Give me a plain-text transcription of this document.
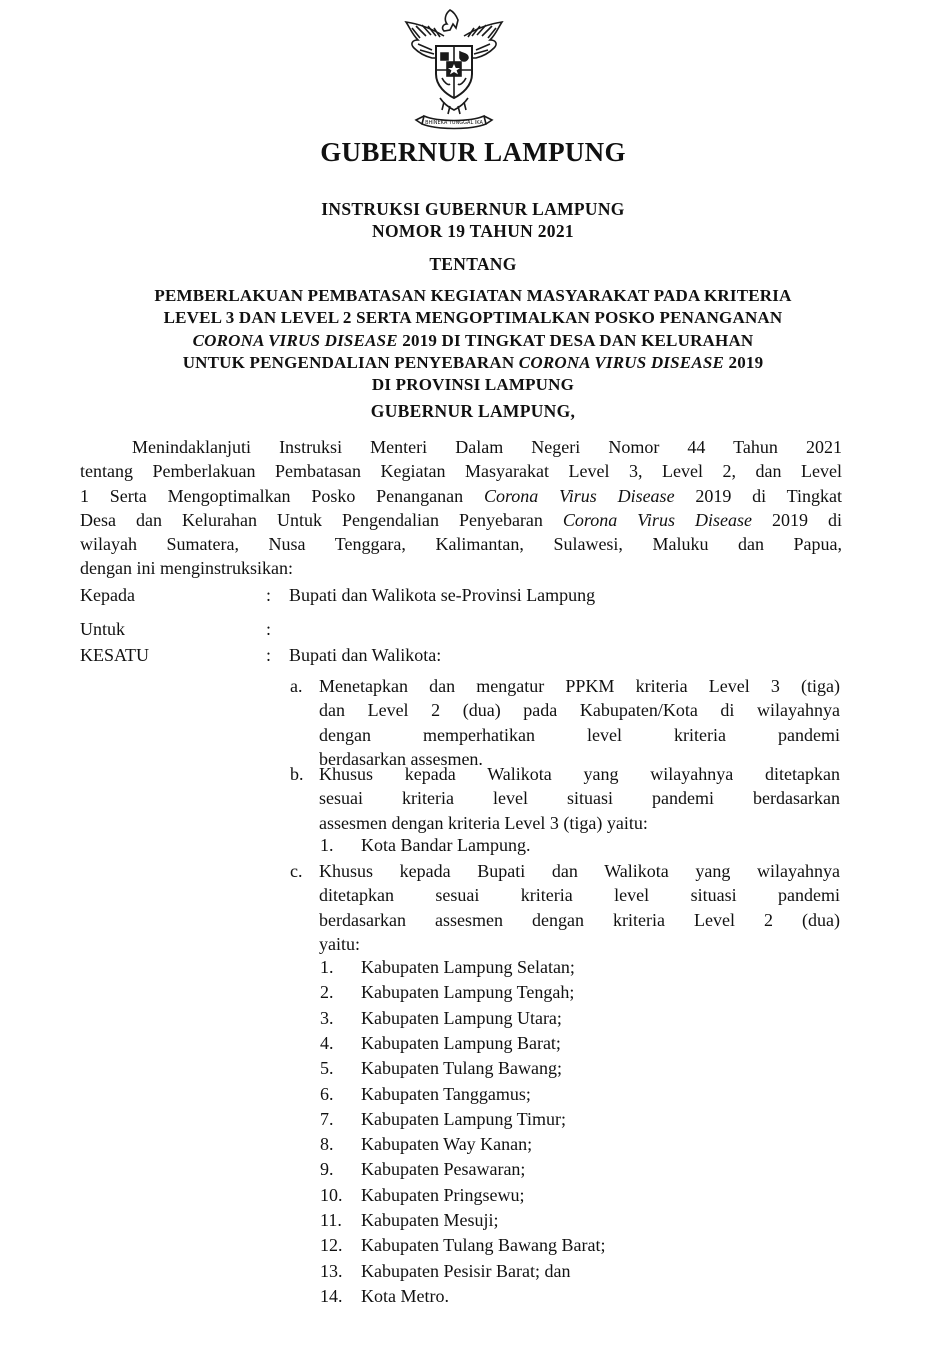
BHINEKA TUNGGAL IKA
GUBERNUR LAMPUNG
INSTRUKSI GUBERNUR LAMPUNG
NOMOR 19 TAHUN 2021
TENTANG
PEMBERLAKUAN PEMBATASAN KEGIATAN MASYARAKAT PADA KRITERIA
LEVEL 3 DAN LEVEL 2 SERTA MENGOPTIMALKAN POSKO PENANGANAN
CORONA VIRUS DISEASE 2019 DI TINGKAT DESA DAN KELURAHAN
UNTUK PENGENDALIAN PENYEBARAN CORONA VIRUS DISEASE 2019
DI PROVINSI LAMPUNG
GUBERNUR LAMPUNG,
Menindaklanjuti Instruksi Menteri Dalam Negeri Nomor 44 Tahun 2021
tentang Pemberlakuan Pembatasan Kegiatan Masyarakat Level 3, Level 2, dan Level
1 Serta Mengoptimalkan Posko Penanganan Corona Virus Disease 2019 di Tingkat
Desa dan Kelurahan Untuk Pengendalian Penyebaran Corona Virus Disease 2019 di
wilayah Sumatera, Nusa Tenggara, Kalimantan, Sulawesi, Maluku dan Papua,
dengan ini menginstruksikan:
Kepada	: Bupati dan Walikota se-Provinsi Lampung
Untuk	:
KESATU	: Bupati dan Walikota:
a. Menetapkan dan mengatur PPKM kriteria Level 3 (tiga)
dan Level 2 (dua) pada Kabupaten/Kota di wilayahnya
dengan memperhatikan level kriteria pandemi
berdasarkan assesmen.
b. Khusus kepada Walikota yang wilayahnya ditetapkan
sesuai kriteria level situasi pandemi berdasarkan
assesmen dengan kriteria Level 3 (tiga) yaitu:
1.	Kota Bandar Lampung.
c. Khusus kepada Bupati dan Walikota yang wilayahnya
ditetapkan sesuai kriteria level situasi pandemi
berdasarkan assesmen dengan kriteria Level 2 (dua)
yaitu:
1.	Kabupaten Lampung Selatan;
2.	Kabupaten Lampung Tengah;
3.	Kabupaten Lampung Utara;
4.	Kabupaten Lampung Barat;
5.	Kabupaten Tulang Bawang;
6.	Kabupaten Tanggamus;
7.	Kabupaten Lampung Timur;
8.	Kabupaten Way Kanan;
9.	Kabupaten Pesawaran;
10.	Kabupaten Pringsewu;
11.	Kabupaten Mesuji;
12.	Kabupaten Tulang Bawang Barat;
13.	Kabupaten Pesisir Barat; dan
14.	Kota Metro.
